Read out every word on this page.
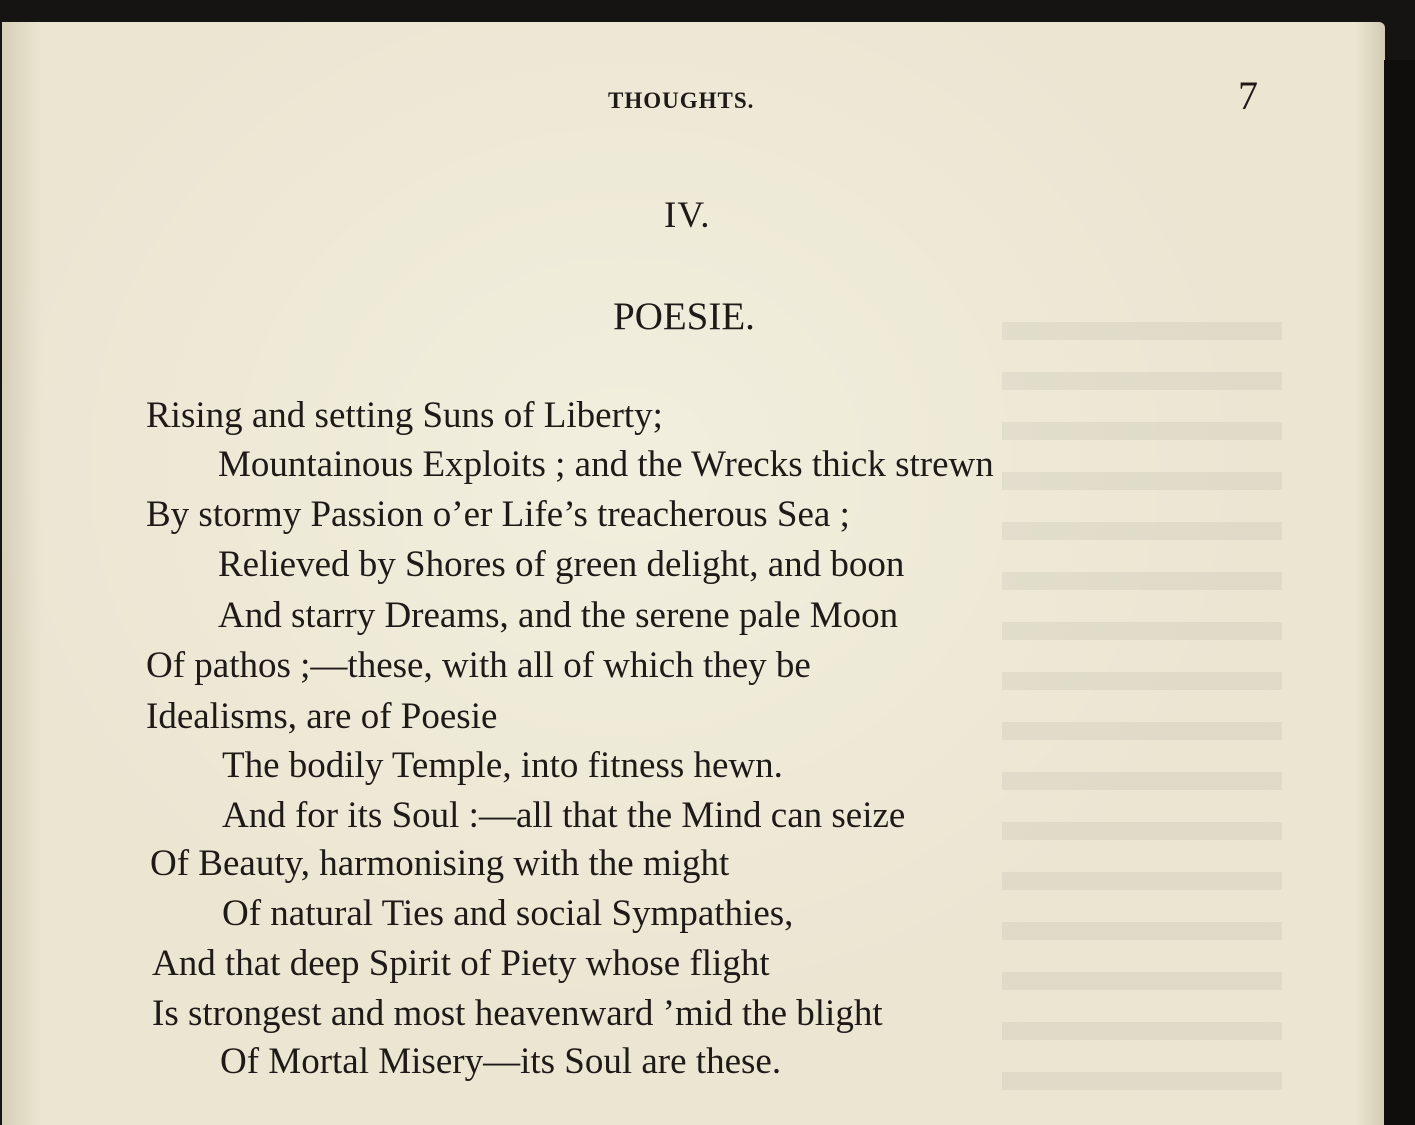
THOUGHTS.	7
IV.
POESIE.
Rising and setting Suns of Liberty;
Mountainous Exploits ; and the Wrecks thick strewn
By stormy Passion o’er Life’s treacherous Sea ;
Relieved by Shores of green delight, and boon
And starry Dreams, and the serene pale Moon
Of pathos ;—these, with all of which they be
Idealisms, are of Poesie
The bodily Temple, into fitness hewn.
And for its Soul :—all that the Mind can seize
Of Beauty, harmonising with the might
Of natural Ties and social Sympathies,
And that deep Spirit of Piety whose flight
Is strongest and most heavenward ’mid the blight
Of Mortal Misery—its Soul are these.
